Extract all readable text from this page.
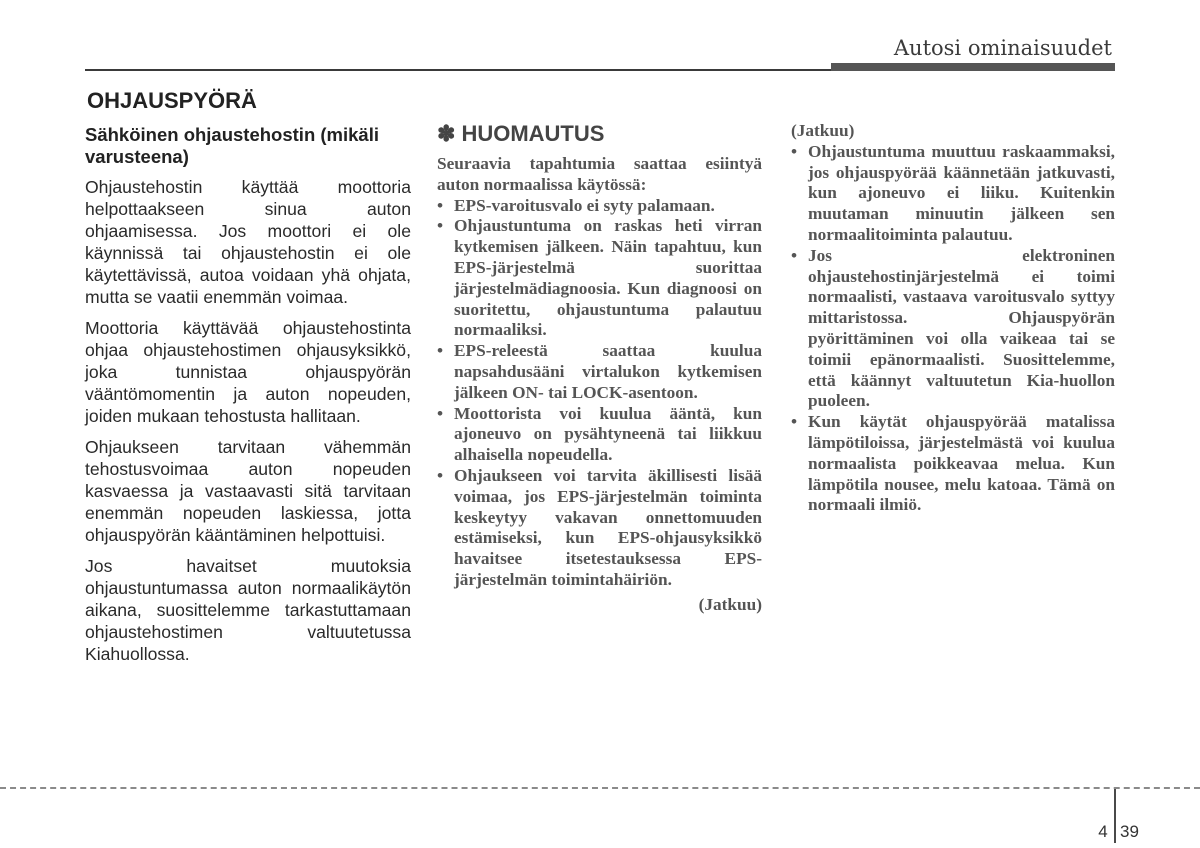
Autosi ominaisuudet
OHJAUSPYÖRÄ
Sähköinen ohjaustehostin (mikäli varusteena)

Ohjaustehostin käyttää moottoria helpottaakseen sinua auton ohjaamisessa. Jos moottori ei ole käynnissä tai ohjaustehostin ei ole käytettävissä, autoa voidaan yhä ohjata, mutta se vaatii enemmän voimaa.

Moottoria käyttävää ohjaustehostinta ohjaa ohjaustehostimen ohjausyksikkö, joka tunnistaa ohjauspyörän vääntömomentin ja auton nopeuden, joiden mukaan tehostusta hallitaan.

Ohjaukseen tarvitaan vähemmän tehostusvoimaa auton nopeuden kasvaessa ja vastaavasti sitä tarvitaan enemmän nopeuden laskiessa, jotta ohjauspyörän kääntäminen helpottuisi.

Jos havaitset muutoksia ohjaustuntumassa auton normaalikäytön aikana, suosittelemme tarkastuttamaan ohjaustehostimen valtuutetussa Kiahuollossa.

✽ HUOMAUTUS

Seuraavia tapahtumia saattaa esiintyä auton normaalissa käytössä:

• EPS-varoitusvalo ei syty palamaan.
• Ohjaustuntuma on raskas heti virran kytkemisen jälkeen. Näin tapahtuu, kun EPS-järjestelmä suorittaa järjestelmädiagnoosia. Kun diagnoosi on suoritettu, ohjaustuntuma palautuu normaaliksi.
• EPS-releestä saattaa kuulua napsahdusääni virtalukon kytkemisen jälkeen ON- tai LOCK-asentoon.
• Moottorista voi kuulua ääntä, kun ajoneuvo on pysähtyneenä tai liikkuu alhaisella nopeudella.
• Ohjaukseen voi tarvita äkillisesti lisää voimaa, jos EPS-järjestelmän toiminta keskeytyy vakavan onnettomuuden estämiseksi, kun EPS-ohjausyksikkö havaitsee itsetestauksessa EPS-järjestelmän toimintahäiriön.
(Jatkuu)

(Jatkuu)

• Ohjaustuntuma muuttuu raskaammaksi, jos ohjauspyörää käännetään jatkuvasti, kun ajoneuvo ei liiku. Kuitenkin muutaman minuutin jälkeen sen normaalitoiminta palautuu.
• Jos elektroninen ohjaustehostinjärjestelmä ei toimi normaalisti, vastaava varoitusvalo syttyy mittaristossa. Ohjauspyörän pyörittäminen voi olla vaikeaa tai se toimii epänormaalisti. Suosittelemme, että käännyt valtuutetun Kia-huollon puoleen.
• Kun käytät ohjauspyörää matalissa lämpötiloissa, järjestelmästä voi kuulua normaalista poikkeavaa melua. Kun lämpötila nousee, melu katoaa. Tämä on normaali ilmiö.
4 39
